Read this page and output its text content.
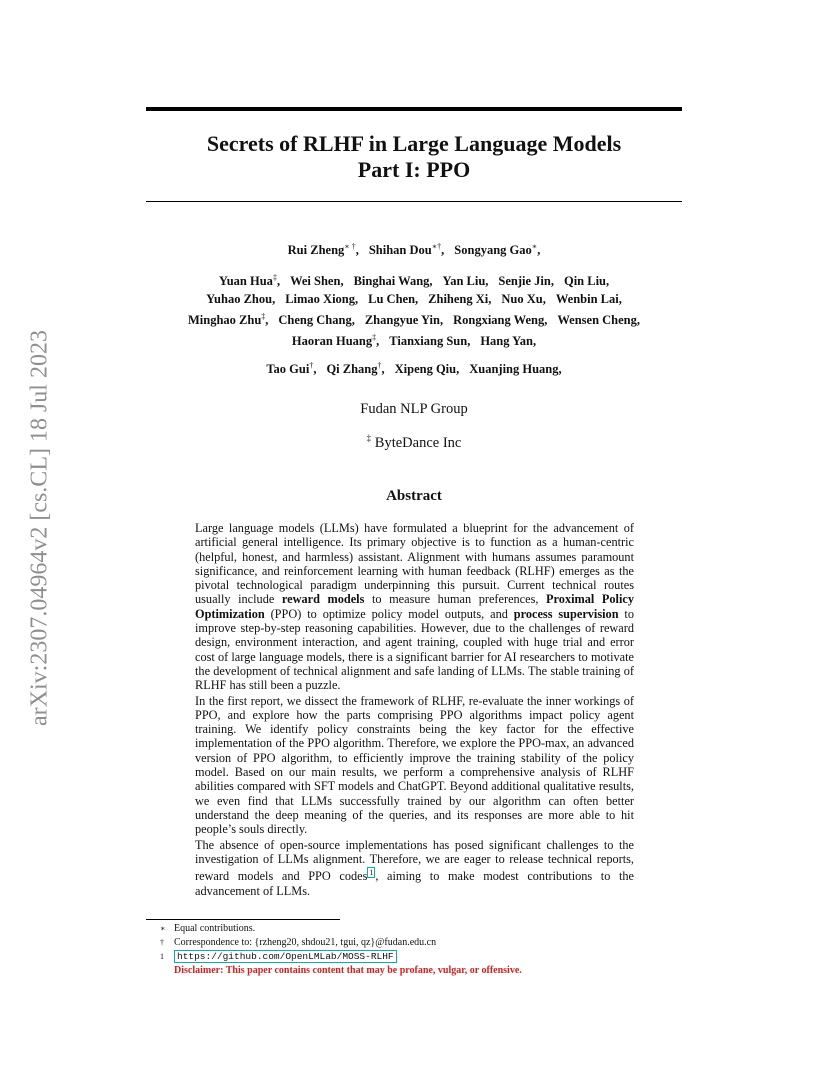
arXiv:2307.04964v2 [cs.CL] 18 Jul 2023
Secrets of RLHF in Large Language Models
Part I: PPO
Rui Zheng∗ †, Shihan Dou∗†, Songyang Gao∗,
Yuan Hua‡, Wei Shen, Binghai Wang, Yan Liu, Senjie Jin, Qin Liu,
Yuhao Zhou, Limao Xiong, Lu Chen, Zhiheng Xi, Nuo Xu, Wenbin Lai,
Minghao Zhu‡, Cheng Chang, Zhangyue Yin, Rongxiang Weng, Wensen Cheng,
Haoran Huang‡, Tianxiang Sun, Hang Yan,
Tao Gui†, Qi Zhang†, Xipeng Qiu, Xuanjing Huang,
Fudan NLP Group
‡ ByteDance Inc
Abstract

Large language models (LLMs) have formulated a blueprint for the advancement of artificial general intelligence. Its primary objective is to function as a human-centric (helpful, honest, and harmless) assistant. Alignment with humans assumes paramount significance, and reinforcement learning with human feedback (RLHF) emerges as the pivotal technological paradigm underpinning this pursuit. Current technical routes usually include reward models to measure human preferences, Proximal Policy Optimization (PPO) to optimize policy model outputs, and process supervision to improve step-by-step reasoning capabilities. However, due to the challenges of reward design, environment interaction, and agent training, coupled with huge trial and error cost of large language models, there is a significant barrier for AI researchers to motivate the development of technical alignment and safe landing of LLMs. The stable training of RLHF has still been a puzzle.

In the first report, we dissect the framework of RLHF, re-evaluate the inner workings of PPO, and explore how the parts comprising PPO algorithms impact policy agent training. We identify policy constraints being the key factor for the effective implementation of the PPO algorithm. Therefore, we explore the PPO-max, an advanced version of PPO algorithm, to efficiently improve the training stability of the policy model. Based on our main results, we perform a comprehensive analysis of RLHF abilities compared with SFT models and ChatGPT. Beyond additional qualitative results, we even find that LLMs successfully trained by our algorithm can often better understand the deep meaning of the queries, and its responses are more able to hit people’s souls directly.

The absence of open-source implementations has posed significant challenges to the investigation of LLMs alignment. Therefore, we are eager to release technical reports, reward models and PPO codes $^1$ , aiming to make modest contributions to the advancement of LLMs.

∗ Equal contributions.
† Correspondence to: {rzheng20, shdou21, tgui, qz}@fudan.edu.cn
1 https://github.com/OpenLMLab/MOSS-RLHF
Disclaimer: This paper contains content that may be profane, vulgar, or offensive.
